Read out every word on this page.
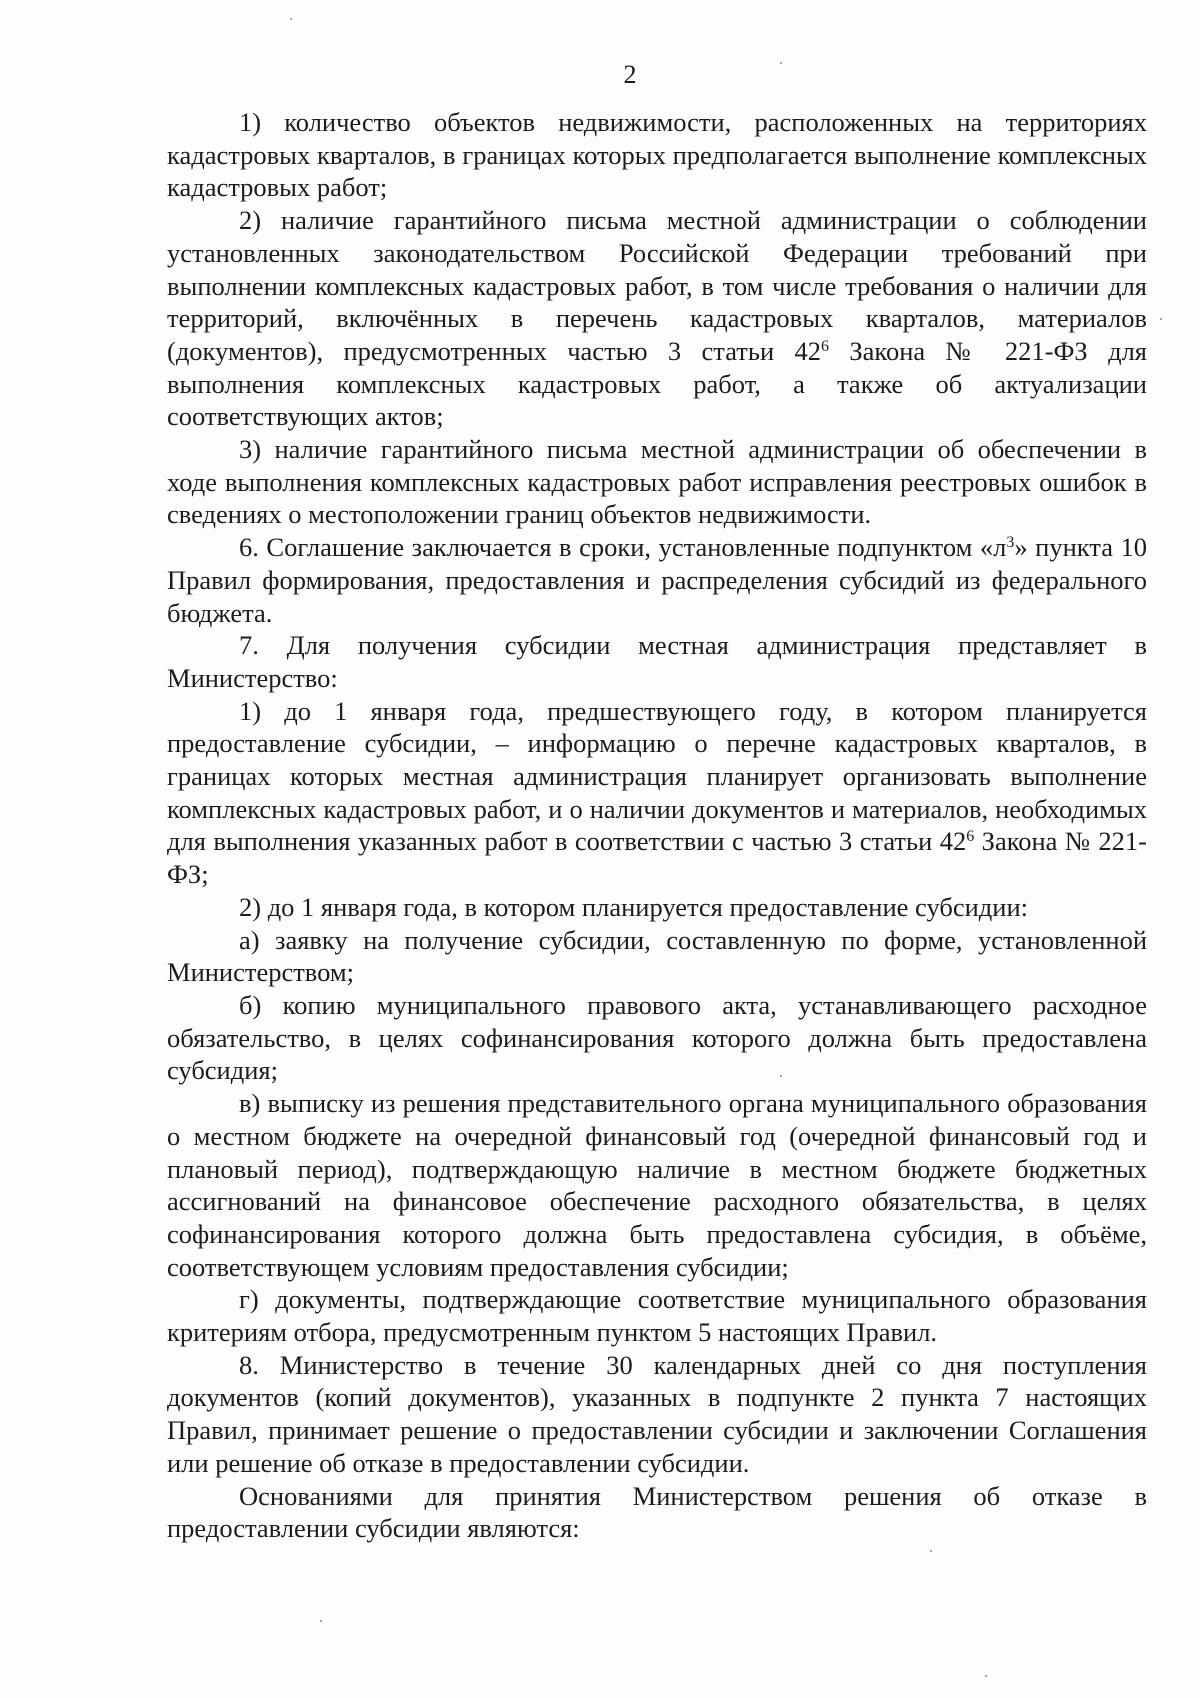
2

1) количество объектов недвижимости, расположенных на территориях кадастровых кварталов, в границах которых предполагается выполнение комплексных кадастровых работ;

2) наличие гарантийного письма местной администрации о соблюдении установленных законодательством Российской Федерации требований при выполнении комплексных кадастровых работ, в том числе требования о наличии для территорий, включённых в перечень кадастровых кварталов, материалов (документов), предусмотренных частью 3 статьи $42^6$ Закона № 221-ФЗ для выполнения комплексных кадастровых работ, а также об актуализации соответствующих актов;

3) наличие гарантийного письма местной администрации об обеспечении в ходе выполнения комплексных кадастровых работ исправления реестровых ошибок в сведениях о местоположении границ объектов недвижимости.

6. Соглашение заключается в сроки, установленные подпунктом «$л^3$» пункта 10 Правил формирования, предоставления и распределения субсидий из федерального бюджета.

7. Для получения субсидии местная администрация представляет в Министерство:

1) до 1 января года, предшествующего году, в котором планируется предоставление субсидии, – информацию о перечне кадастровых кварталов, в границах которых местная администрация планирует организовать выполнение комплексных кадастровых работ, и о наличии документов и материалов, необходимых для выполнения указанных работ в соответствии с частью 3 статьи $42^6$ Закона № 221-ФЗ;

2) до 1 января года, в котором планируется предоставление субсидии:

а) заявку на получение субсидии, составленную по форме, установленной Министерством;

б) копию муниципального правового акта, устанавливающего расходное обязательство, в целях софинансирования которого должна быть предоставлена субсидия;

в) выписку из решения представительного органа муниципального образования о местном бюджете на очередной финансовый год (очередной финансовый год и плановый период), подтверждающую наличие в местном бюджете бюджетных ассигнований на финансовое обеспечение расходного обязательства, в целях софинансирования которого должна быть предоставлена субсидия, в объёме, соответствующем условиям предоставления субсидии;

г) документы, подтверждающие соответствие муниципального образования критериям отбора, предусмотренным пунктом 5 настоящих Правил.

8. Министерство в течение 30 календарных дней со дня поступления документов (копий документов), указанных в подпункте 2 пункта 7 настоящих Правил, принимает решение о предоставлении субсидии и заключении Соглашения или решение об отказе в предоставлении субсидии.

Основаниями для принятия Министерством решения об отказе в предоставлении субсидии являются:
